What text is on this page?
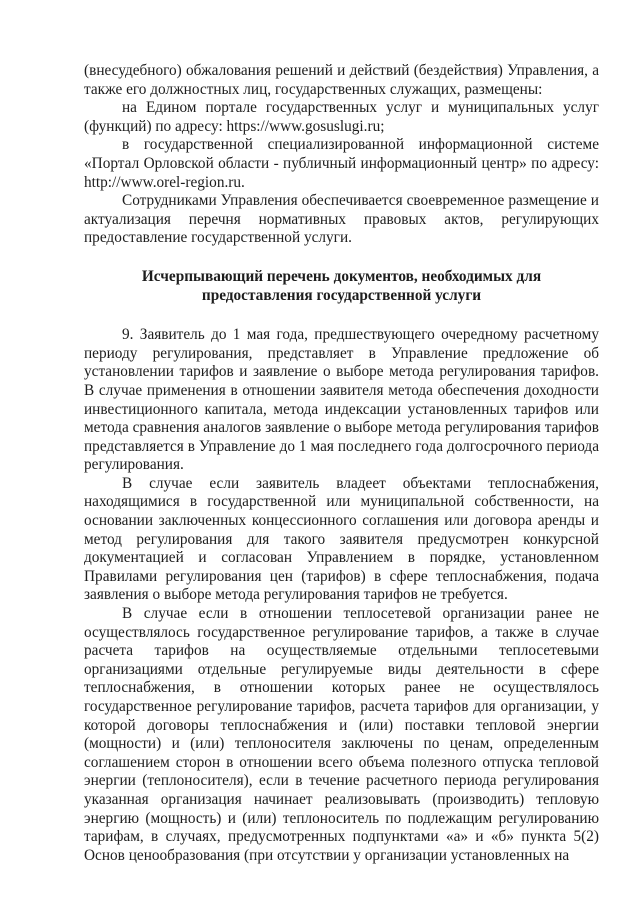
(внесудебного) обжалования решений и действий (бездействия) Управления, а также его должностных лиц, государственных служащих, размещены:

на Едином портале государственных услуг и муниципальных услуг (функций) по адресу: https://www.gosuslugi.ru;

в государственной специализированной информационной системе «Портал Орловской области - публичный информационный центр» по адресу: http://www.orel-region.ru.

Сотрудниками Управления обеспечивается своевременное размещение и актуализация перечня нормативных правовых актов, регулирующих предоставление государственной услуги.

Исчерпывающий перечень документов, необходимых для предоставления государственной услуги

9. Заявитель до 1 мая года, предшествующего очередному расчетному периоду регулирования, представляет в Управление предложение об установлении тарифов и заявление о выборе метода регулирования тарифов. В случае применения в отношении заявителя метода обеспечения доходности инвестиционного капитала, метода индексации установленных тарифов или метода сравнения аналогов заявление о выборе метода регулирования тарифов представляется в Управление до 1 мая последнего года долгосрочного периода регулирования.

В случае если заявитель владеет объектами теплоснабжения, находящимися в государственной или муниципальной собственности, на основании заключенных концессионного соглашения или договора аренды и метод регулирования для такого заявителя предусмотрен конкурсной документацией и согласован Управлением в порядке, установленном Правилами регулирования цен (тарифов) в сфере теплоснабжения, подача заявления о выборе метода регулирования тарифов не требуется.

В случае если в отношении теплосетевой организации ранее не осуществлялось государственное регулирование тарифов, а также в случае расчета тарифов на осуществляемые отдельными теплосетевыми организациями отдельные регулируемые виды деятельности в сфере теплоснабжения, в отношении которых ранее не осуществлялось государственное регулирование тарифов, расчета тарифов для организации, у которой договоры теплоснабжения и (или) поставки тепловой энергии (мощности) и (или) теплоносителя заключены по ценам, определенным соглашением сторон в отношении всего объема полезного отпуска тепловой энергии (теплоносителя), если в течение расчетного периода регулирования указанная организация начинает реализовывать (производить) тепловую энергию (мощность) и (или) теплоноситель по подлежащим регулированию тарифам, в случаях, предусмотренных подпунктами «а» и «б» пункта 5(2) Основ ценообразования (при отсутствии у организации установленных на
